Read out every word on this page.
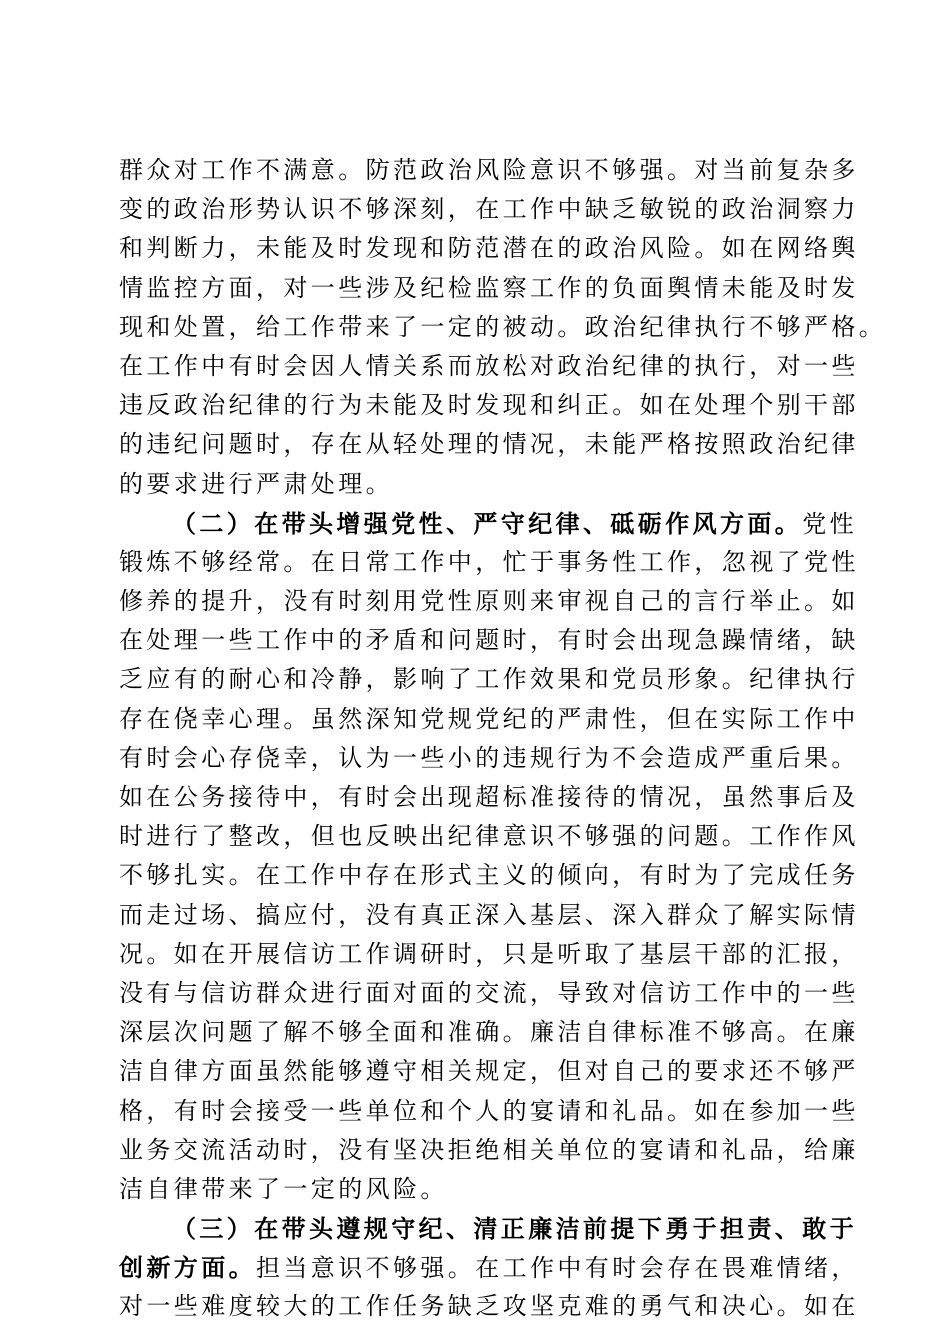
群众对工作不满意。防范政治风险意识不够强。对当前复杂多
变的政治形势认识不够深刻，在工作中缺乏敏锐的政治洞察力
和判断力，未能及时发现和防范潜在的政治风险。如在网络舆
情监控方面，对一些涉及纪检监察工作的负面舆情未能及时发
现和处置，给工作带来了一定的被动。政治纪律执行不够严格。
在工作中有时会因人情关系而放松对政治纪律的执行，对一些
违反政治纪律的行为未能及时发现和纠正。如在处理个别干部
的违纪问题时，存在从轻处理的情况，未能严格按照政治纪律
的要求进行严肃处理。
（二）在带头增强党性、严守纪律、砥砺作风方面。党性
锻炼不够经常。在日常工作中，忙于事务性工作，忽视了党性
修养的提升，没有时刻用党性原则来审视自己的言行举止。如
在处理一些工作中的矛盾和问题时，有时会出现急躁情绪，缺
乏应有的耐心和冷静，影响了工作效果和党员形象。纪律执行
存在侥幸心理。虽然深知党规党纪的严肃性，但在实际工作中
有时会心存侥幸，认为一些小的违规行为不会造成严重后果。
如在公务接待中，有时会出现超标准接待的情况，虽然事后及
时进行了整改，但也反映出纪律意识不够强的问题。工作作风
不够扎实。在工作中存在形式主义的倾向，有时为了完成任务
而走过场、搞应付，没有真正深入基层、深入群众了解实际情
况。如在开展信访工作调研时，只是听取了基层干部的汇报，
没有与信访群众进行面对面的交流，导致对信访工作中的一些
深层次问题了解不够全面和准确。廉洁自律标准不够高。在廉
洁自律方面虽然能够遵守相关规定，但对自己的要求还不够严
格，有时会接受一些单位和个人的宴请和礼品。如在参加一些
业务交流活动时，没有坚决拒绝相关单位的宴请和礼品，给廉
洁自律带来了一定的风险。
（三）在带头遵规守纪、清正廉洁前提下勇于担责、敢于
创新方面。担当意识不够强。在工作中有时会存在畏难情绪，
对一些难度较大的工作任务缺乏攻坚克难的勇气和决心。如在
